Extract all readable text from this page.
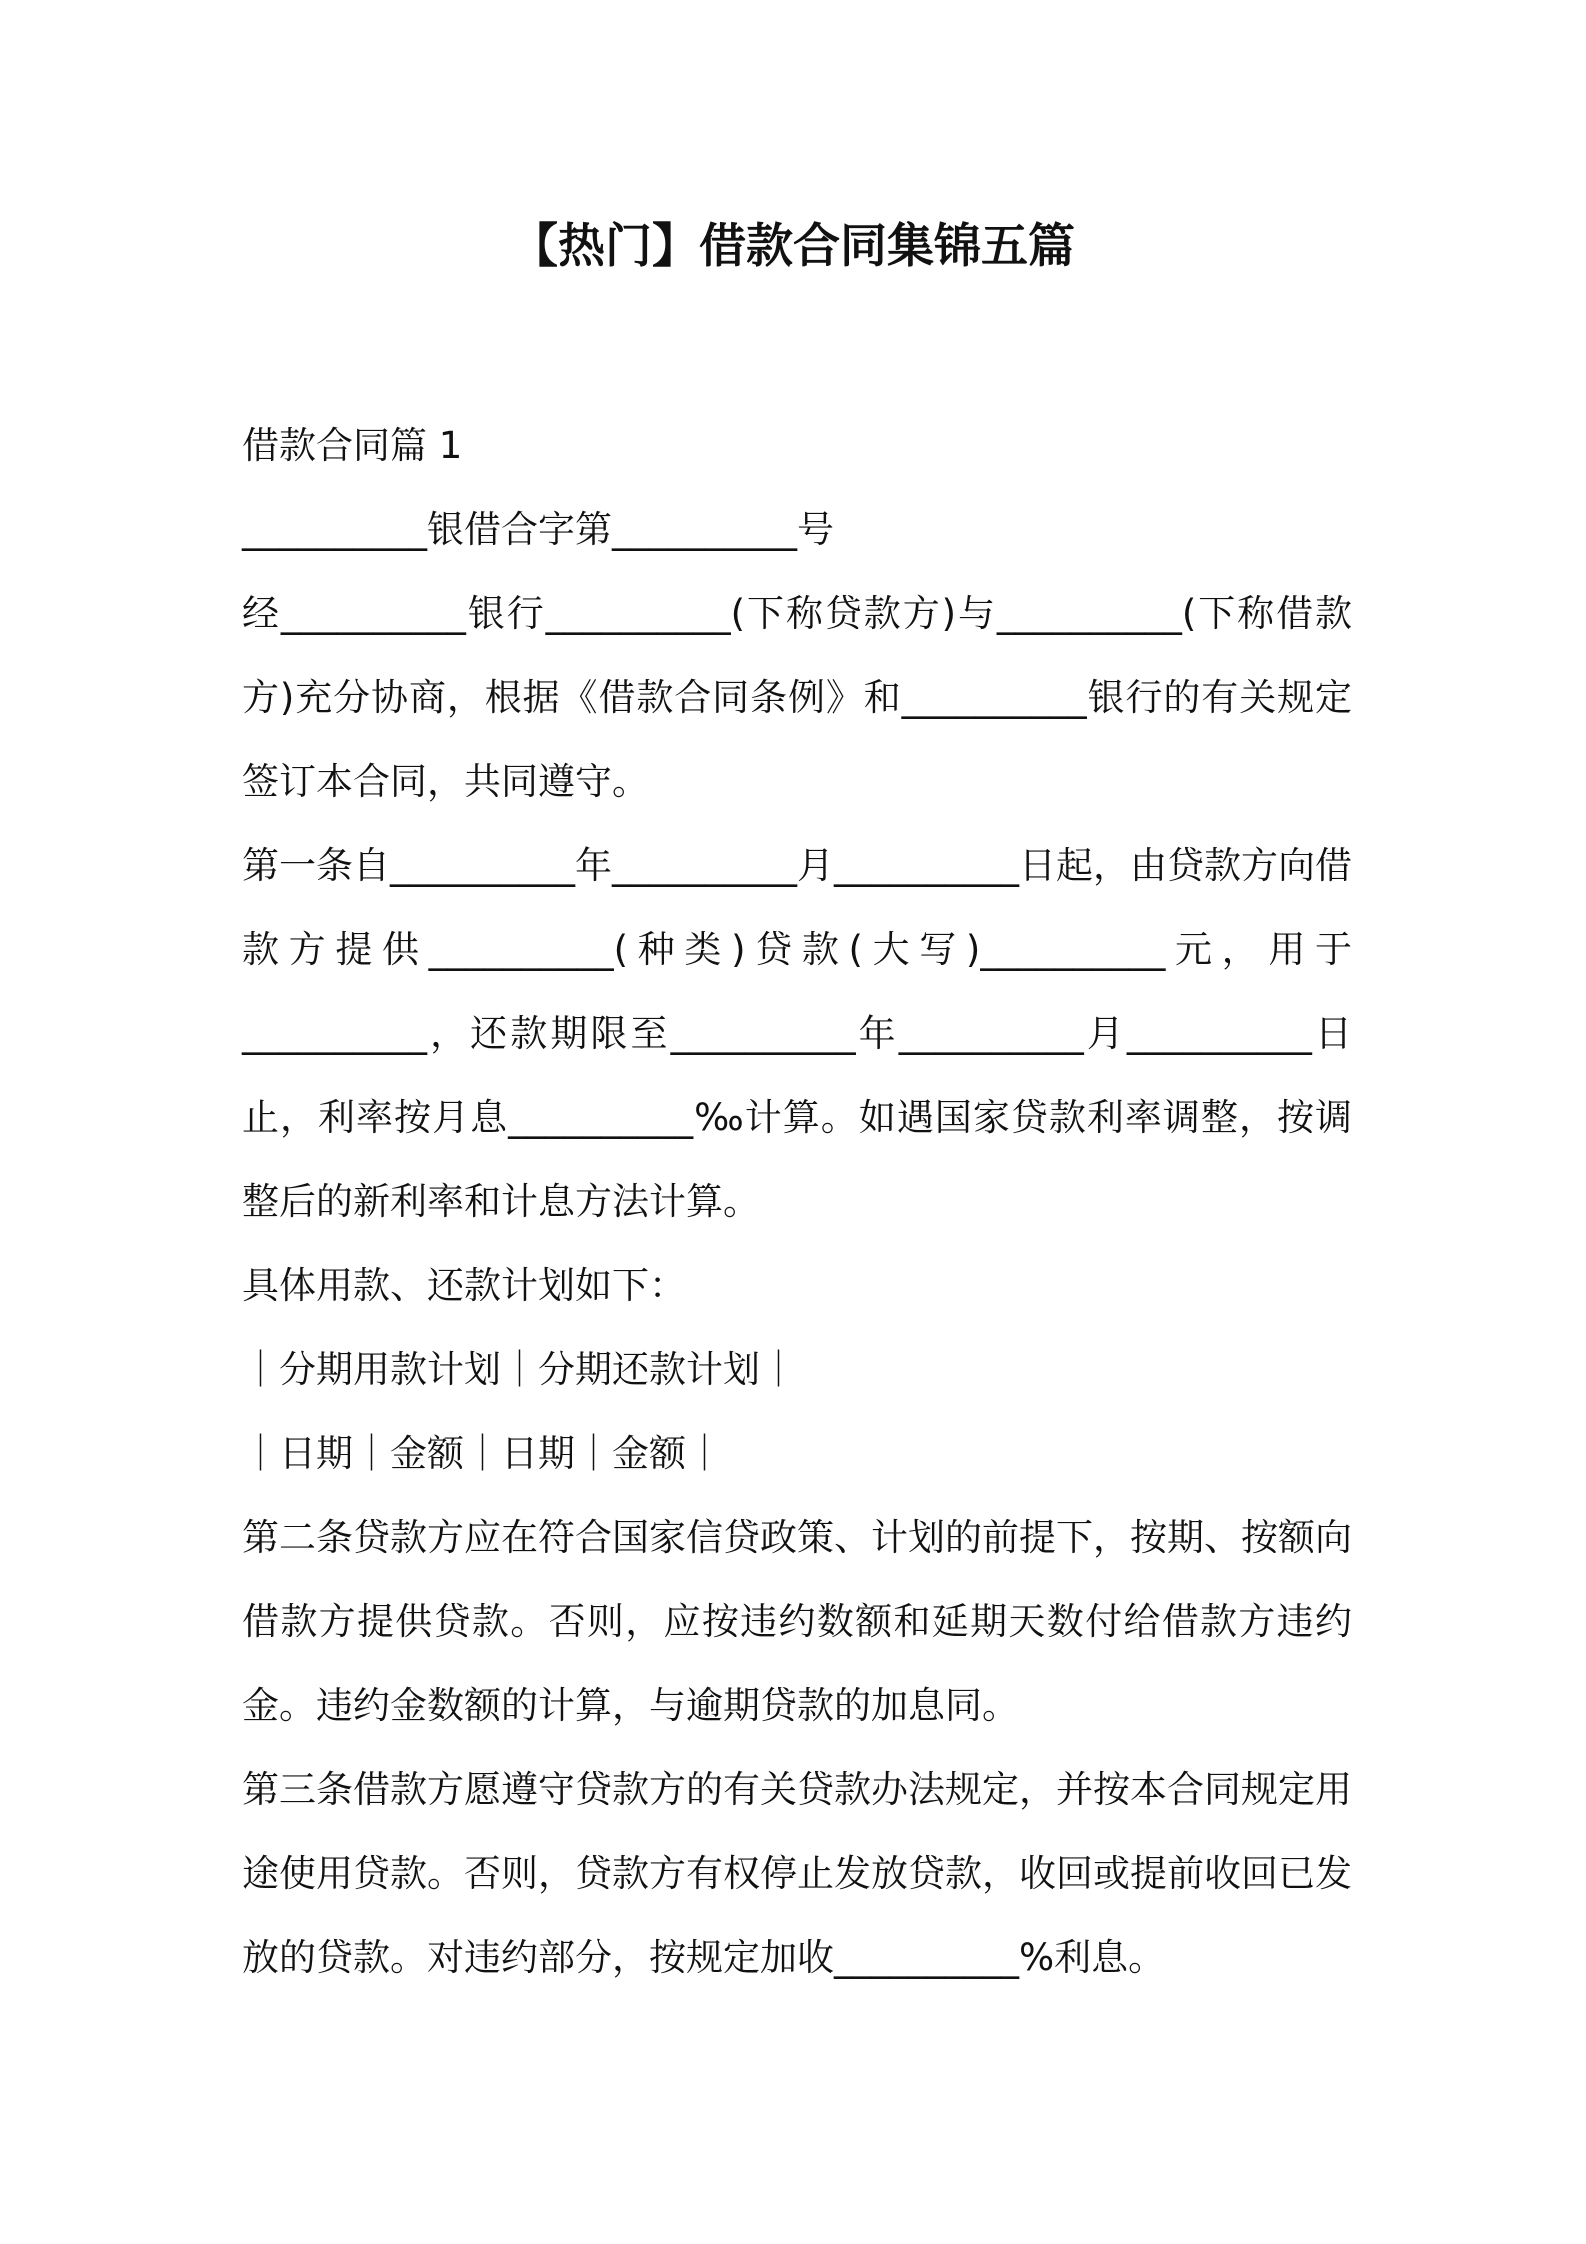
【热门】借款合同集锦五篇

借款合同篇 1

__________银借合字第__________号

经__________银行__________(下称贷款方)与__________(下称借款方)充分协商，根据《借款合同条例》和__________银行的有关规定签订本合同，共同遵守。

第一条自__________年__________月__________日起，由贷款方向借款方提供__________(种类)贷款(大写)__________元，用于__________，还款期限至__________年__________月__________日止，利率按月息__________‰计算。如遇国家贷款利率调整，按调整后的新利率和计息方法计算。

具体用款、还款计划如下：

｜分期用款计划｜分期还款计划｜

｜日期｜金额｜日期｜金额｜

第二条贷款方应在符合国家信贷政策、计划的前提下，按期、按额向借款方提供贷款。否则，应按违约数额和延期天数付给借款方违约金。违约金数额的计算，与逾期贷款的加息同。

第三条借款方愿遵守贷款方的有关贷款办法规定，并按本合同规定用途使用贷款。否则，贷款方有权停止发放贷款，收回或提前收回已发放的贷款。对违约部分，按规定加收__________%利息。
